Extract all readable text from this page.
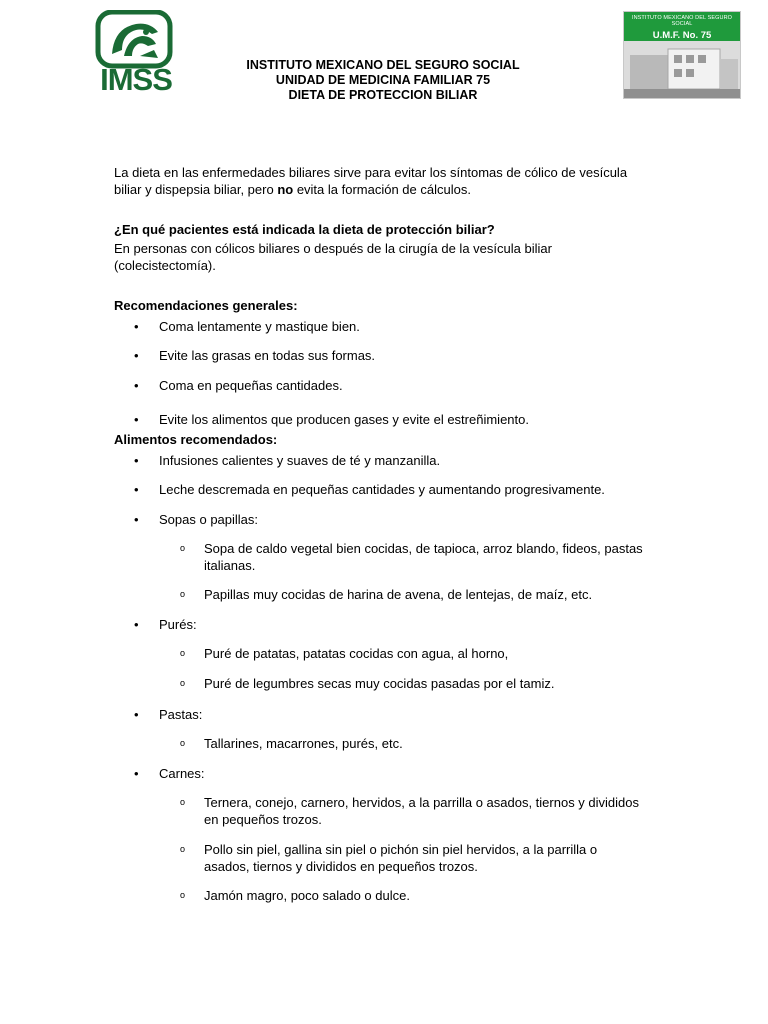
IMSS	INSTITUTO MEXICANO DEL SEGURO SOCIAL
UNIDAD DE MEDICINA FAMILIAR 75
DIETA DE PROTECCION BILIAR
INSTITUTO MEXICANO DEL SEGURO SOCIAL
U.M.F. No. 75

La dieta en las enfermedades biliares sirve para evitar los síntomas de cólico de vesícula biliar y dispepsia biliar, pero no evita la formación de cálculos.

¿En qué pacientes está indicada la dieta de protección biliar?

En personas con cólicos biliares o después de la cirugía de la vesícula biliar (colecistectomía).

Recomendaciones generales:

• Coma lentamente y mastique bien.
• Evite las grasas en todas sus formas.
• Coma en pequeñas cantidades.
• Evite los alimentos que producen gases y evite el estreñimiento.

Alimentos recomendados:

• Infusiones calientes y suaves de té y manzanilla.
• Leche descremada en pequeñas cantidades y aumentando progresivamente.
• Sopas o papillas:
o Sopa de caldo vegetal bien cocidas, de tapioca, arroz blando, fideos, pastas italianas.
o Papillas muy cocidas de harina de avena, de lentejas, de maíz, etc.
• Purés:
o Puré de patatas, patatas cocidas con agua, al horno,
o Puré de legumbres secas muy cocidas pasadas por el tamiz.
• Pastas:
o Tallarines, macarrones, purés, etc.
• Carnes:
o Ternera, conejo, carnero, hervidos, a la parrilla o asados, tiernos y divididos en pequeños trozos.
o Pollo sin piel, gallina sin piel o pichón sin piel hervidos, a la parrilla o asados, tiernos y divididos en pequeños trozos.
o Jamón magro, poco salado o dulce.
